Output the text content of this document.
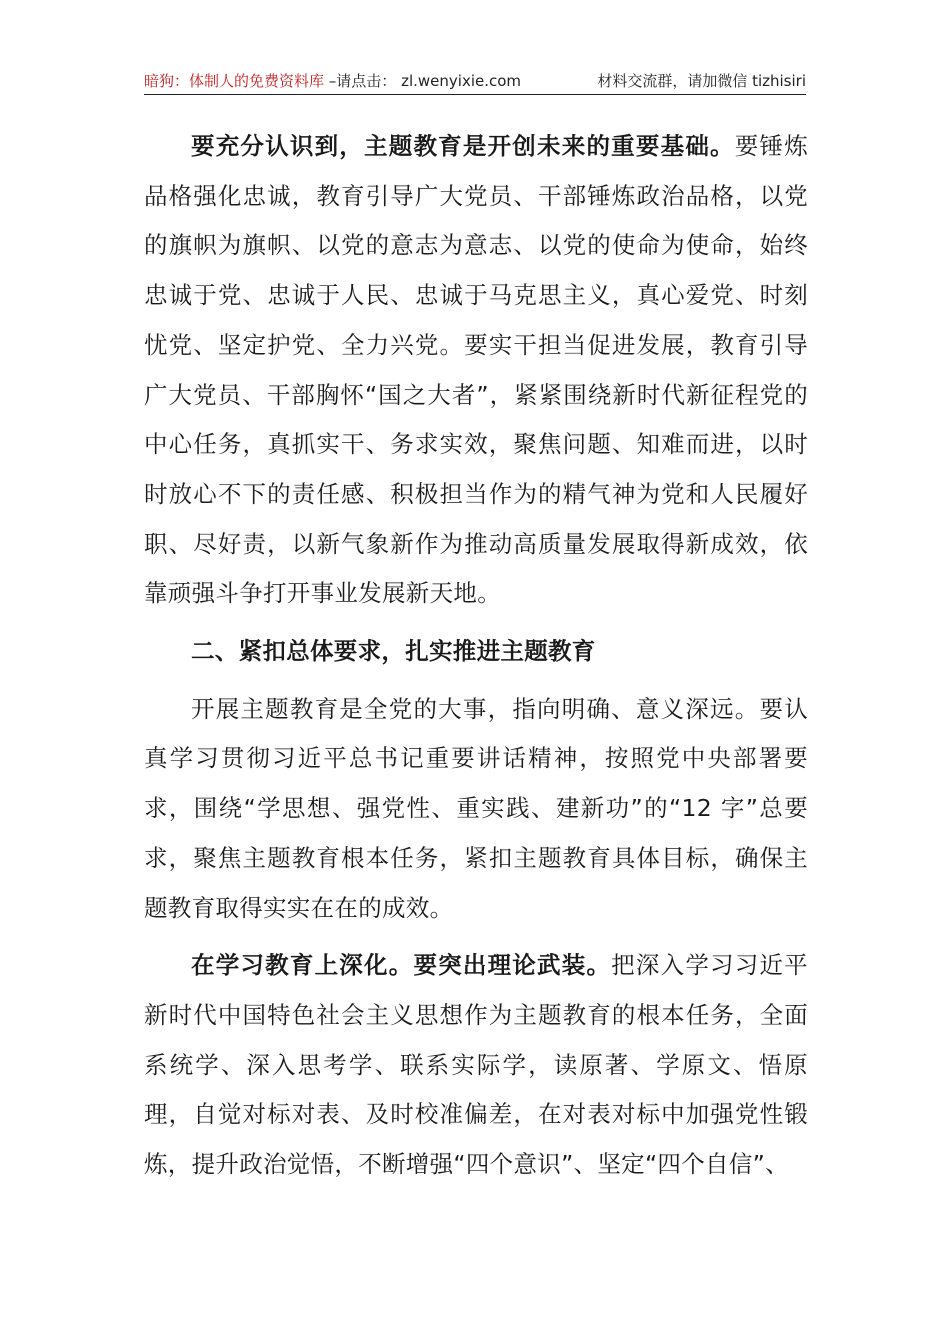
暗狗：体制人的免费资料库 –请点击： zl.wenyixie.com	材料交流群，请加微信 tizhisiri

要充分认识到，主题教育是开创未来的重要基础。要锤炼品格强化忠诚，教育引导广大党员、干部锤炼政治品格，以党的旗帜为旗帜、以党的意志为意志、以党的使命为使命，始终忠诚于党、忠诚于人民、忠诚于马克思主义，真心爱党、时刻忧党、坚定护党、全力兴党。要实干担当促进发展，教育引导广大党员、干部胸怀“国之大者”，紧紧围绕新时代新征程党的中心任务，真抓实干、务求实效，聚焦问题、知难而进，以时时放心不下的责任感、积极担当作为的精气神为党和人民履好职、尽好责，以新气象新作为推动高质量发展取得新成效，依靠顽强斗争打开事业发展新天地。

二、紧扣总体要求，扎实推进主题教育

开展主题教育是全党的大事，指向明确、意义深远。要认真学习贯彻习近平总书记重要讲话精神，按照党中央部署要求，围绕“学思想、强党性、重实践、建新功”的“12 字”总要求，聚焦主题教育根本任务，紧扣主题教育具体目标，确保主题教育取得实实在在的成效。

在学习教育上深化。要突出理论武装。把深入学习习近平新时代中国特色社会主义思想作为主题教育的根本任务，全面系统学、深入思考学、联系实际学，读原著、学原文、悟原理，自觉对标对表、及时校准偏差，在对表对标中加强党性锻炼，提升政治觉悟，不断增强“四个意识”、坚定“四个自信”、
